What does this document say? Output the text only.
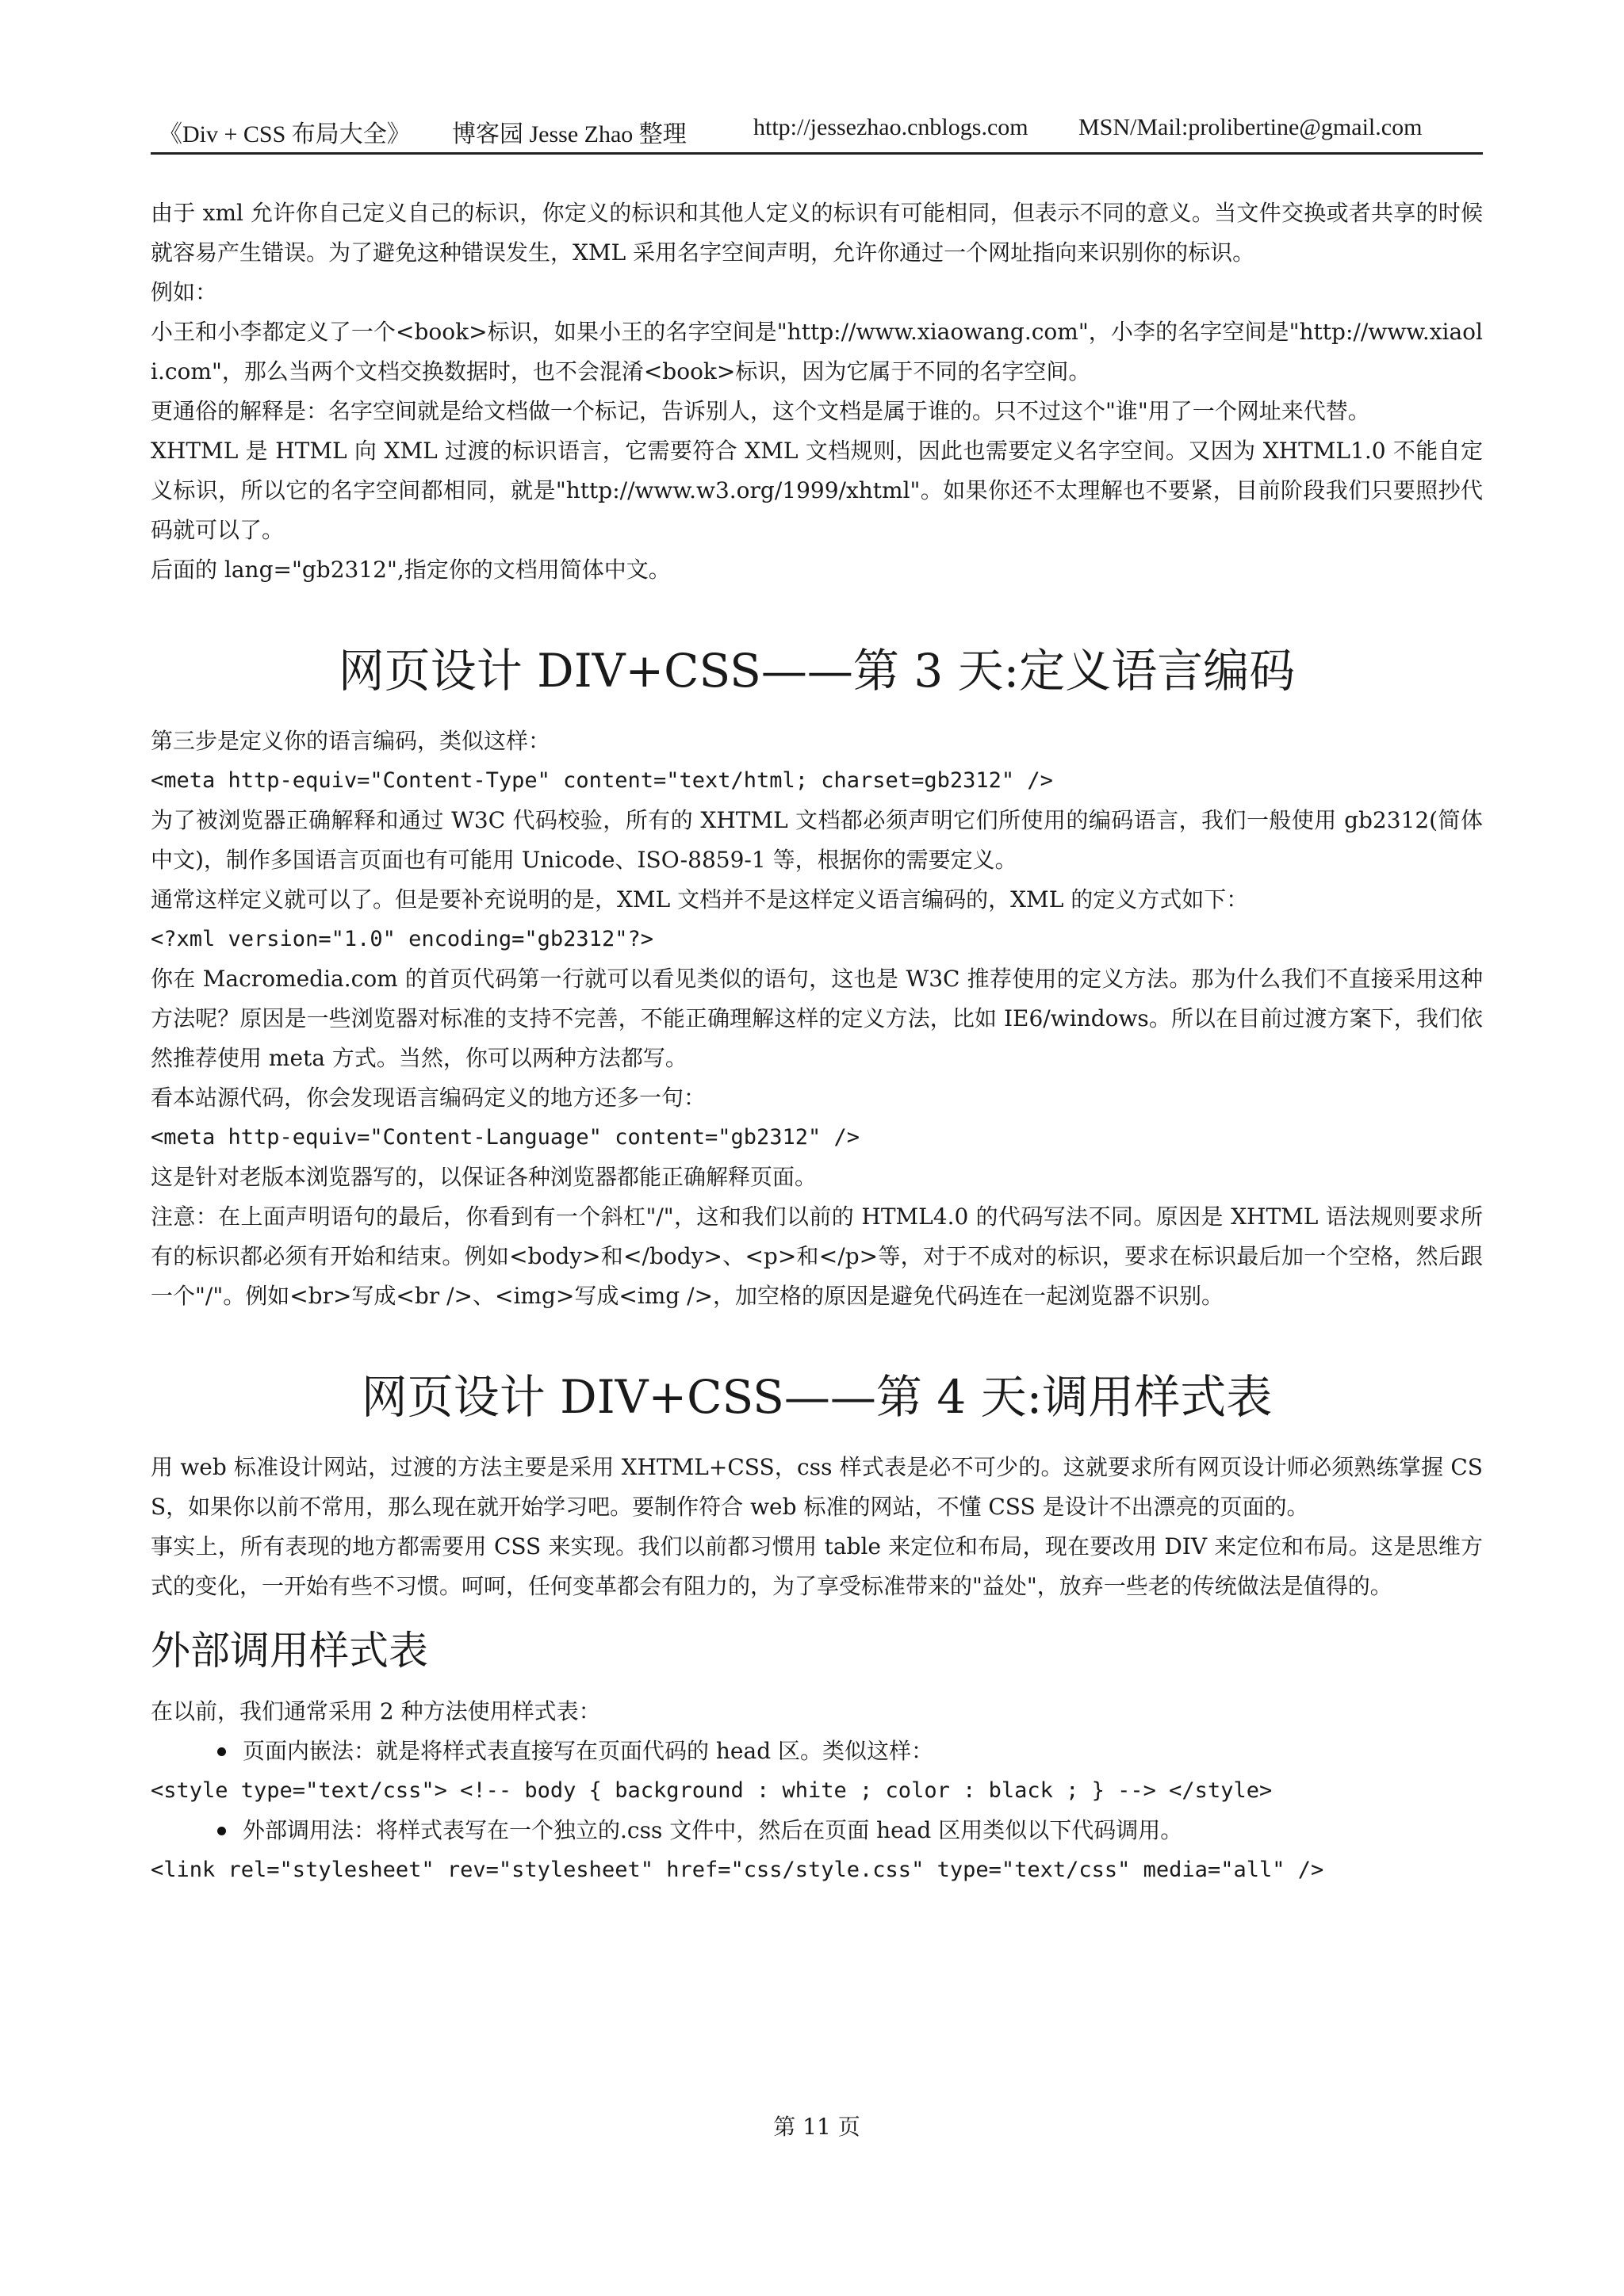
《Div + CSS 布局大全》 博客园 Jesse Zhao 整理	http://jessezhao.cnblogs.com MSN/Mail:prolibertine@gmail.com

由于 xml 允许你自己定义自己的标识，你定义的标识和其他人定义的标识有可能相同，但表示不同的意义。当文件交换或者共享的时候就容易产生错误。为了避免这种错误发生，XML 采用名字空间声明，允许你通过一个网址指向来识别你的标识。

例如：

小王和小李都定义了一个<book>标识，如果小王的名字空间是"http://www.xiaowang.com"，小李的名字空间是"http://www.xiaoli.com"，那么当两个文档交换数据时，也不会混淆<book>标识，因为它属于不同的名字空间。

更通俗的解释是：名字空间就是给文档做一个标记，告诉别人，这个文档是属于谁的。只不过这个"谁"用了一个网址来代替。

XHTML 是 HTML 向 XML 过渡的标识语言，它需要符合 XML 文档规则，因此也需要定义名字空间。又因为 XHTML1.0 不能自定义标识，所以它的名字空间都相同，就是"http://www.w3.org/1999/xhtml"。如果你还不太理解也不要紧，目前阶段我们只要照抄代码就可以了。

后面的 lang="gb2312",指定你的文档用简体中文。

网页设计 DIV+CSS——第 3 天:定义语言编码

第三步是定义你的语言编码，类似这样：

<meta http-equiv="Content-Type" content="text/html; charset=gb2312" />

为了被浏览器正确解释和通过 W3C 代码校验，所有的 XHTML 文档都必须声明它们所使用的编码语言，我们一般使用 gb2312(简体中文)，制作多国语言页面也有可能用 Unicode、ISO-8859-1 等，根据你的需要定义。

通常这样定义就可以了。但是要补充说明的是，XML 文档并不是这样定义语言编码的，XML 的定义方式如下：

<?xml version="1.0" encoding="gb2312"?>

你在 Macromedia.com 的首页代码第一行就可以看见类似的语句，这也是 W3C 推荐使用的定义方法。那为什么我们不直接采用这种方法呢？原因是一些浏览器对标准的支持不完善，不能正确理解这样的定义方法，比如 IE6/windows。所以在目前过渡方案下，我们依然推荐使用 meta 方式。当然，你可以两种方法都写。

看本站源代码，你会发现语言编码定义的地方还多一句：

<meta http-equiv="Content-Language" content="gb2312" />

这是针对老版本浏览器写的，以保证各种浏览器都能正确解释页面。

注意：在上面声明语句的最后，你看到有一个斜杠"/"，这和我们以前的 HTML4.0 的代码写法不同。原因是 XHTML 语法规则要求所有的标识都必须有开始和结束。例如<body>和</body>、<p>和</p>等，对于不成对的标识，要求在标识最后加一个空格，然后跟一个"/"。例如<br>写成<br />、<img>写成<img />，加空格的原因是避免代码连在一起浏览器不识别。

网页设计 DIV+CSS——第 4 天:调用样式表

用 web 标准设计网站，过渡的方法主要是采用 XHTML+CSS，css 样式表是必不可少的。这就要求所有网页设计师必须熟练掌握 CSS，如果你以前不常用，那么现在就开始学习吧。要制作符合 web 标准的网站，不懂 CSS 是设计不出漂亮的页面的。

事实上，所有表现的地方都需要用 CSS 来实现。我们以前都习惯用 table 来定位和布局，现在要改用 DIV 来定位和布局。这是思维方式的变化，一开始有些不习惯。呵呵，任何变革都会有阻力的，为了享受标准带来的"益处"，放弃一些老的传统做法是值得的。

外部调用样式表

在以前，我们通常采用 2 种方法使用样式表：

页面内嵌法：就是将样式表直接写在页面代码的 head 区。类似这样：

<style type="text/css"> <!-- body { background : white ; color : black ; } --> </style>

外部调用法：将样式表写在一个独立的.css 文件中，然后在页面 head 区用类似以下代码调用。

<link rel="stylesheet" rev="stylesheet" href="css/style.css" type="text/css" media="all" />

第 11 页
